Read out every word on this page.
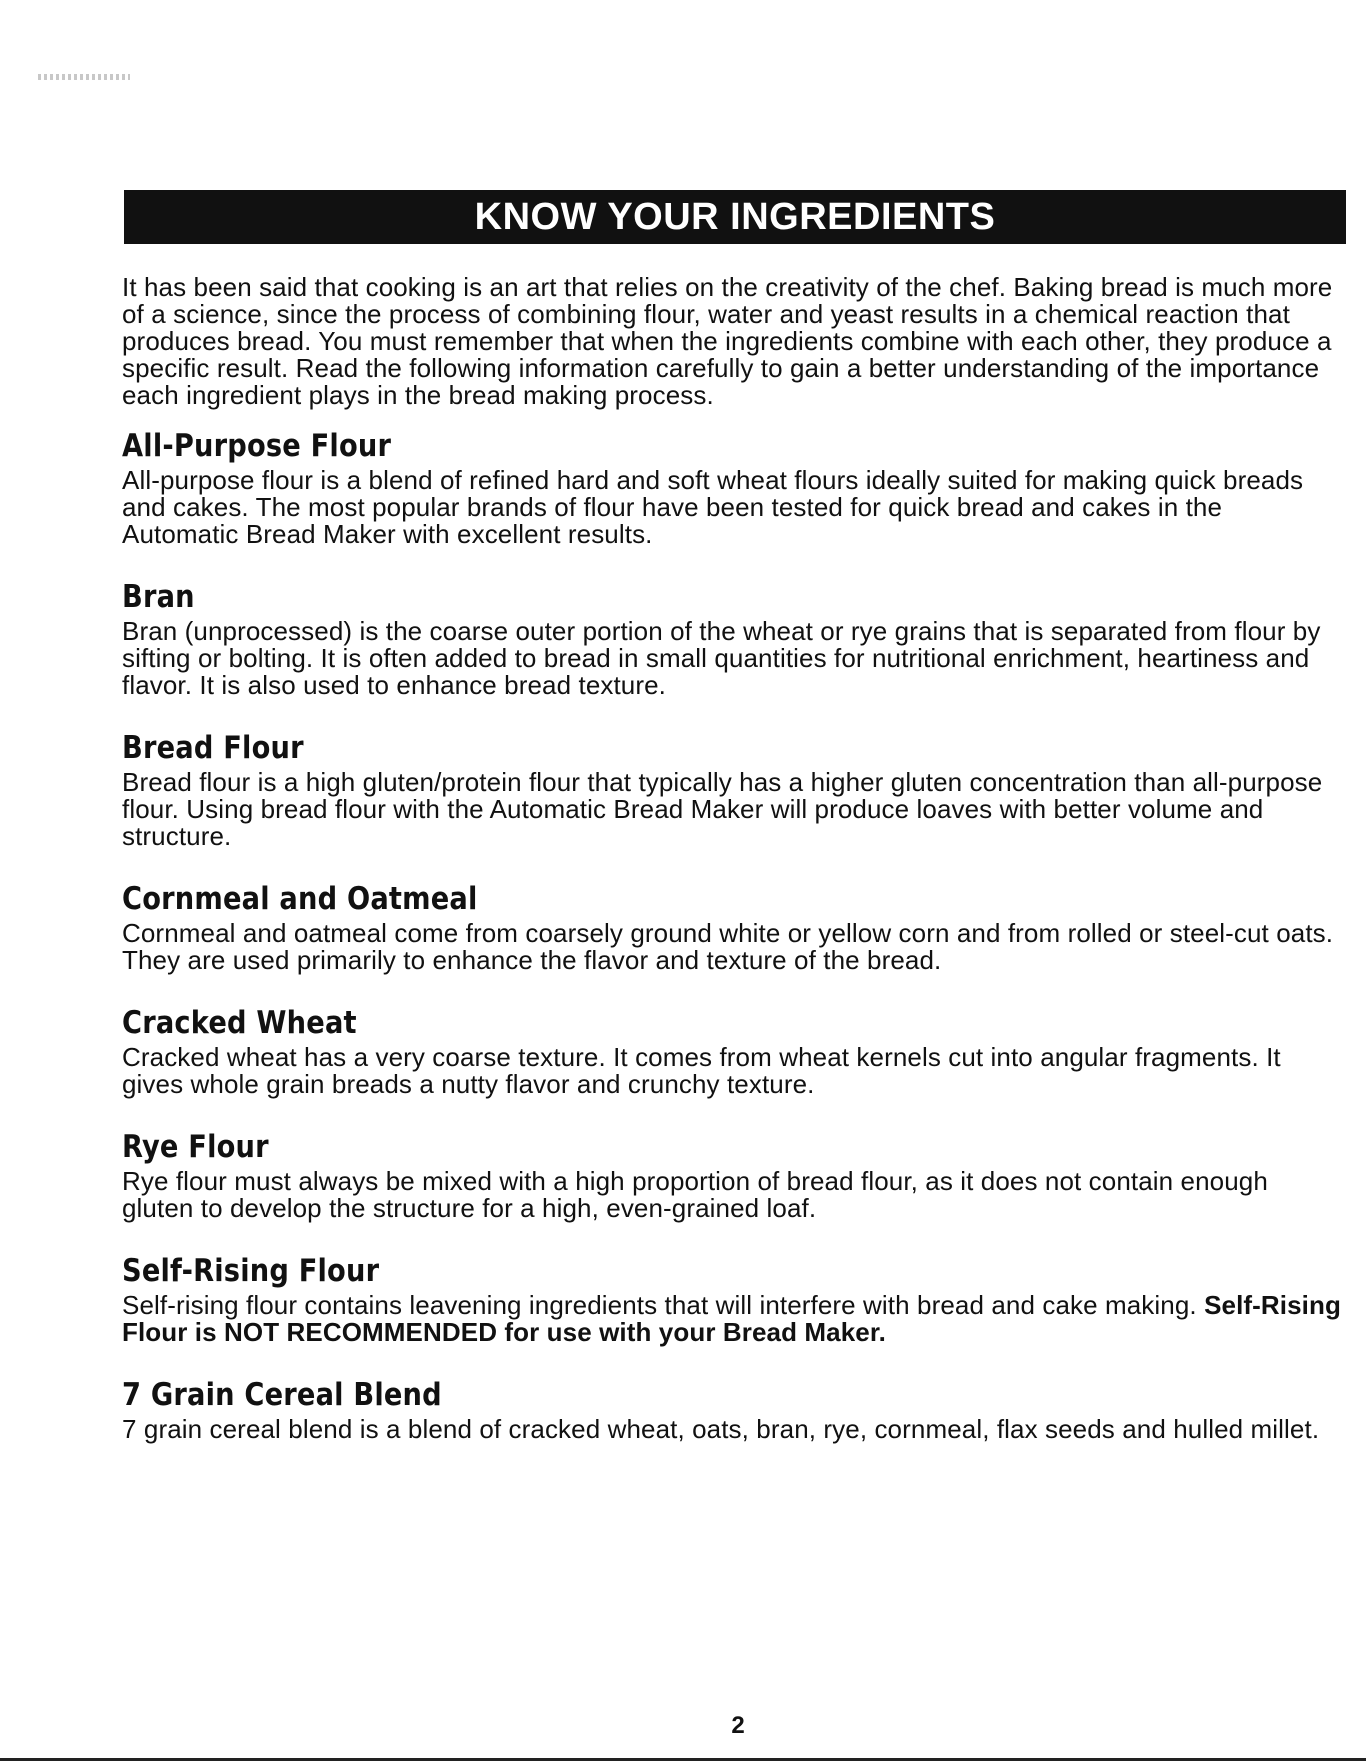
KNOW YOUR INGREDIENTS

It has been said that cooking is an art that relies on the creativity of the chef. Baking bread is much more of a science, since the process of combining flour, water and yeast results in a chemical reaction that produces bread. You must remember that when the ingredients combine with each other, they produce a specific result. Read the following information carefully to gain a better understanding of the importance each ingredient plays in the bread making process.

All-Purpose Flour

All-purpose flour is a blend of refined hard and soft wheat flours ideally suited for making quick breads and cakes. The most popular brands of flour have been tested for quick bread and cakes in the Automatic Bread Maker with excellent results.

Bran

Bran (unprocessed) is the coarse outer portion of the wheat or rye grains that is separated from flour by sifting or bolting. It is often added to bread in small quantities for nutritional enrichment, heartiness and flavor. It is also used to enhance bread texture.

Bread Flour

Bread flour is a high gluten/protein flour that typically has a higher gluten concentration than all-purpose flour. Using bread flour with the Automatic Bread Maker will produce loaves with better volume and structure.

Cornmeal and Oatmeal

Cornmeal and oatmeal come from coarsely ground white or yellow corn and from rolled or steel-cut oats. They are used primarily to enhance the flavor and texture of the bread.

Cracked Wheat

Cracked wheat has a very coarse texture. It comes from wheat kernels cut into angular fragments. It gives whole grain breads a nutty flavor and crunchy texture.

Rye Flour

Rye flour must always be mixed with a high proportion of bread flour, as it does not contain enough gluten to develop the structure for a high, even-grained loaf.

Self-Rising Flour

Self-rising flour contains leavening ingredients that will interfere with bread and cake making. Self-Rising Flour is NOT RECOMMENDED for use with your Bread Maker.

7 Grain Cereal Blend

7 grain cereal blend is a blend of cracked wheat, oats, bran, rye, cornmeal, flax seeds and hulled millet.

2
